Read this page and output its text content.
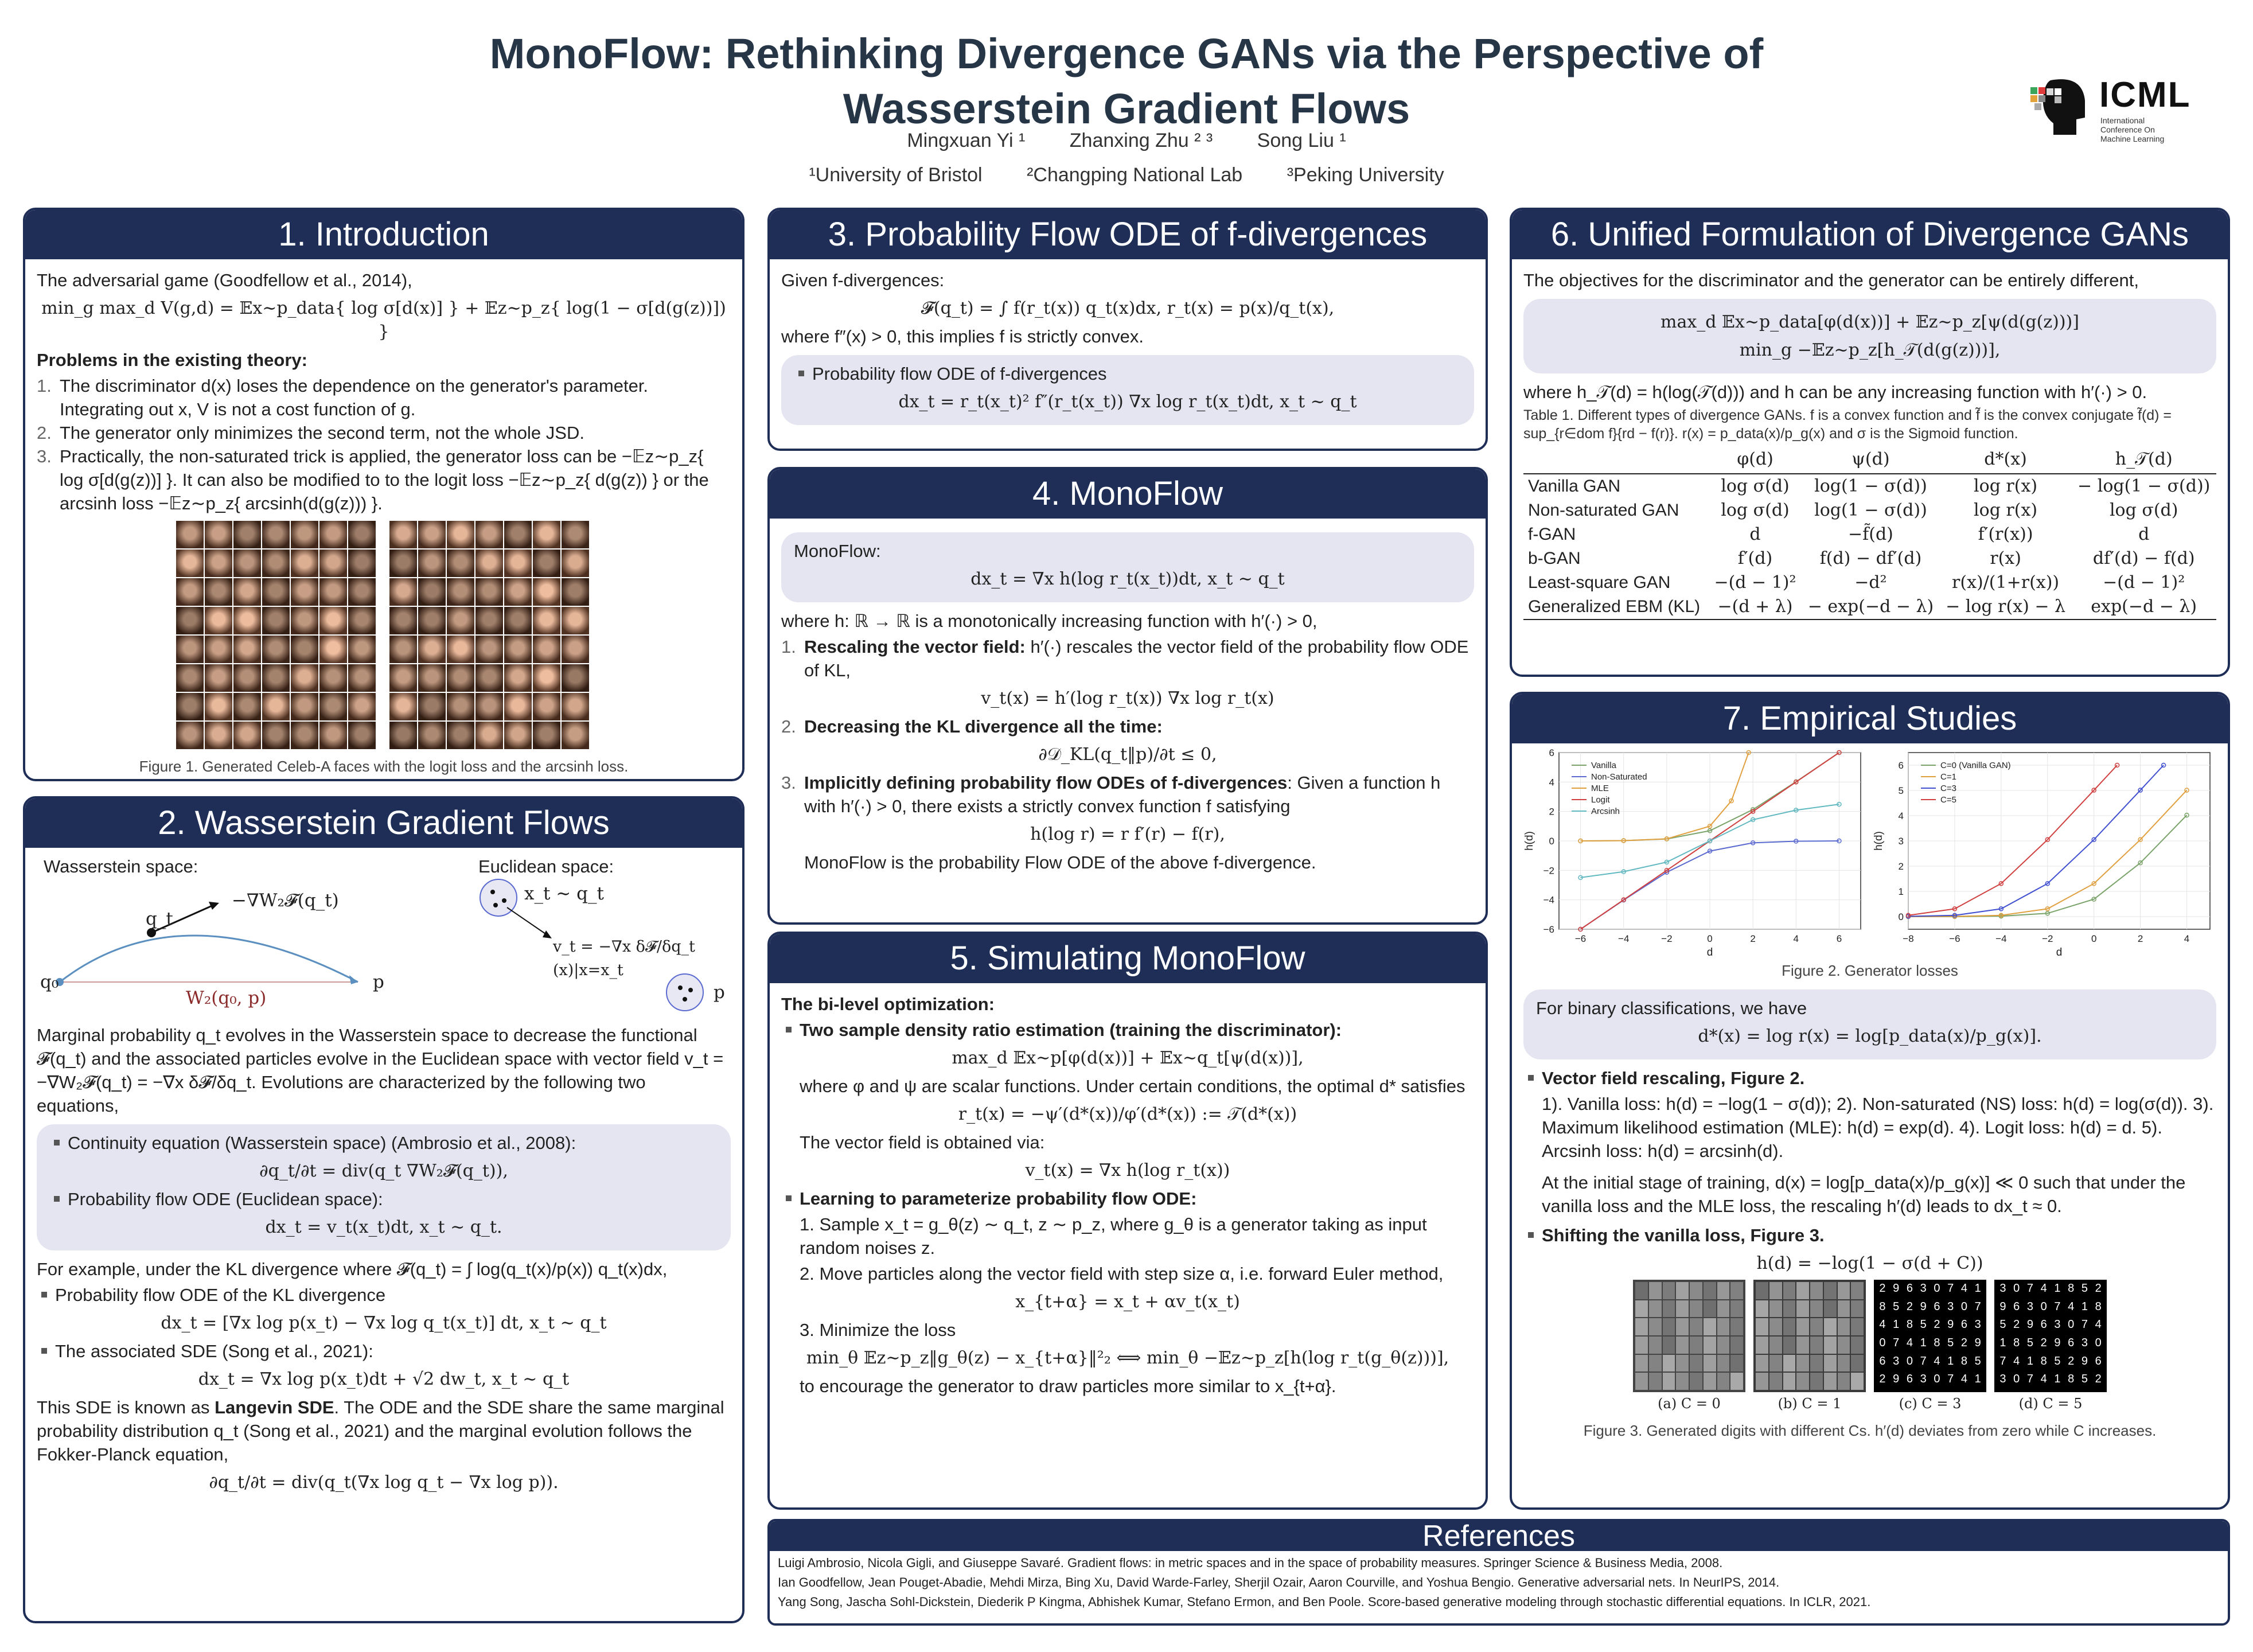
MonoFlow: Rethinking Divergence GANs via the Perspective of
Wasserstein Gradient Flows
Mingxuan Yi ¹ Zhanxing Zhu ² ³ Song Liu ¹
¹University of Bristol ²Changping National Lab ³Peking University
ICML
International Conference On Machine Learning
1. Introduction

The adversarial game (Goodfellow et al., 2014),

min_g max_d V(g,d) = 𝔼x∼p_data{ log σ[d(x)] } + 𝔼z∼p_z{ log(1 − σ[d(g(z))]) }

Problems in the existing theory:

1. The discriminator d(x) loses the dependence on the generator's parameter. Integrating out x, V is not a cost function of g.
2. The generator only minimizes the second term, not the whole JSD.
3. Practically, the non-saturated trick is applied, the generator loss can be −𝔼z∼p_z{ log σ[d(g(z))] }. It can also be modified to to the logit loss −𝔼z∼p_z{ d(g(z)) } or the arcsinh loss −𝔼z∼p_z{ arcsinh(d(g(z))) }.
Figure 1. Generated Celeb-A faces with the logit loss and the arcsinh loss.
2. Wasserstein Gradient Flows
Wasserstein space:	Euclidean space:
−∇W₂𝓕(q_t)
q_t
q₀	p
W₂(q₀, p)
x_t ∼ q_t
v_t = −∇x δ𝓕/δq_t (x)|x=x_t
p

Marginal probability q_t evolves in the Wasserstein space to decrease the functional 𝓕(q_t) and the associated particles evolve in the Euclidean space with vector field v_t = −∇W₂𝓕(q_t) = −∇x δ𝓕/δq_t. Evolutions are characterized by the following two equations,

Continuity equation (Wasserstein space) (Ambrosio et al., 2008):
∂q_t/∂t = div(q_t ∇W₂𝓕(q_t)),
Probability flow ODE (Euclidean space):
dx_t = v_t(x_t)dt, x_t ∼ q_t.

For example, under the KL divergence where 𝓕(q_t) = ∫ log(q_t(x)/p(x)) q_t(x)dx,

Probability flow ODE of the KL divergence
dx_t = [∇x log p(x_t) − ∇x log q_t(x_t)] dt, x_t ∼ q_t
The associated SDE (Song et al., 2021):
dx_t = ∇x log p(x_t)dt + √2 dw_t, x_t ∼ q_t

This SDE is known as Langevin SDE. The ODE and the SDE share the same marginal probability distribution q_t (Song et al., 2021) and the marginal evolution follows the Fokker-Planck equation,

∂q_t/∂t = div(q_t(∇x log q_t − ∇x log p)).
3. Probability Flow ODE of f-divergences

Given f-divergences:

𝓕(q_t) = ∫ f(r_t(x)) q_t(x)dx, r_t(x) = p(x)/q_t(x),

where f″(x) > 0, this implies f is strictly convex.

Probability flow ODE of f-divergences
dx_t = r_t(x_t)² f″(r_t(x_t)) ∇x log r_t(x_t)dt, x_t ∼ q_t
4. MonoFlow
MonoFlow:
dx_t = ∇x h(log r_t(x_t))dt, x_t ∼ q_t

where h: ℝ → ℝ is a monotonically increasing function with h′(·) > 0,

1. Rescaling the vector field: h′(·) rescales the vector field of the probability flow ODE of KL,
v_t(x) = h′(log r_t(x)) ∇x log r_t(x)
2. Decreasing the KL divergence all the time:
∂𝒟_KL(q_t‖p)/∂t ≤ 0,
3. Implicitly defining probability flow ODEs of f-divergences: Given a function h with h′(·) > 0, there exists a strictly convex function f satisfying
h(log r) = r f′(r) − f(r),

MonoFlow is the probability Flow ODE of the above f-divergence.

5. Simulating MonoFlow

The bi-level optimization:

Two sample density ratio estimation (training the discriminator):
max_d 𝔼x∼p[φ(d(x))] + 𝔼x∼q_t[ψ(d(x))],

where φ and ψ are scalar functions. Under certain conditions, the optimal d* satisfies

r_t(x) = −ψ′(d*(x))/φ′(d*(x)) := 𝒯(d*(x))

The vector field is obtained via:

v_t(x) = ∇x h(log r_t(x))
Learning to parameterize probability flow ODE:

1. Sample x_t = g_θ(z) ∼ q_t, z ∼ p_z, where g_θ is a generator taking as input random noises z.

2. Move particles along the vector field with step size α, i.e. forward Euler method,

x_{t+α} = x_t + αv_t(x_t)

3. Minimize the loss

min_θ 𝔼z∼p_z‖g_θ(z) − x_{t+α}‖²₂ ⟺ min_θ −𝔼z∼p_z[h(log r_t(g_θ(z)))],

to encourage the generator to draw particles more similar to x_{t+α}.

6. Unified Formulation of Divergence GANs

The objectives for the discriminator and the generator can be entirely different,

max_d 𝔼x∼p_data[φ(d(x))] + 𝔼z∼p_z[ψ(d(g(z)))]
min_g −𝔼z∼p_z[h_𝒯(d(g(z)))],

where h_𝒯(d) = h(log(𝒯(d))) and h can be any increasing function with h′(·) > 0.

Table 1. Different types of divergence GANs. f is a convex function and f̃ is the convex conjugate f̃(d) = sup_{r∈dom f}{rd − f(r)}. r(x) = p_data(x)/p_g(x) and σ is the Sigmoid function.

	φ(d)	ψ(d)	d*(x)	h_𝒯(d)
Vanilla GAN	log σ(d)	log(1 − σ(d))	log r(x)	− log(1 − σ(d))
Non-saturated GAN	log σ(d)	log(1 − σ(d))	log r(x)	log σ(d)
f-GAN	d	−f̃(d)	f′(r(x))	d
b-GAN	f′(d)	f(d) − df′(d)	r(x)	df′(d) − f(d)
Least-square GAN	−(d − 1)²	−d²	r(x)/(1+r(x))	−(d − 1)²
Generalized EBM (KL)	−(d + λ)	− exp(−d − λ)	− log r(x) − λ	exp(−d − λ)
7. Empirical Studies
−6	−4	−2	0	2	4	6
−6
−4
−2
0
2
4
6
d
h(d)
Vanilla
Non-Saturated
MLE
Logit
Arcsinh
−8	−6	−4	−2	0	2	4
0
1
2
3
4
5
6
d
h(d)
C=0 (Vanilla GAN)
C=1
C=3
C=5
Figure 2. Generator losses
For binary classifications, we have
d*(x) = log r(x) = log[p_data(x)/p_g(x)].
Vector field rescaling, Figure 2.

1). Vanilla loss: h(d) = −log(1 − σ(d)); 2). Non-saturated (NS) loss: h(d) = log(σ(d)). 3). Maximum likelihood estimation (MLE): h(d) = exp(d). 4). Logit loss: h(d) = d. 5). Arcsinh loss: h(d) = arcsinh(d).

At the initial stage of training, d(x) = log[p_data(x)/p_g(x)] ≪ 0 such that under the vanilla loss and the MLE loss, the rescaling h′(d) leads to dx_t ≈ 0.

Shifting the vanilla loss, Figure 3.
h(d) = −log(1 − σ(d + C))
2 9 6 3 0 7 4 1
8 5 2 9 6 3 0 7
4 1 8 5 2 9 6 3
0 7 4 1 8 5 2 9
6 3 0 7 4 1 8 5
2 9 6 3 0 7 4 1
3 0 7 4 1 8 5 2
9 6 3 0 7 4 1 8
5 2 9 6 3 0 7 4
1 8 5 2 9 6 3 0
7 4 1 8 5 2 9 6
3 0 7 4 1 8 5 2
(a) C = 0	(b) C = 1	(c) C = 3	(d) C = 5
Figure 3. Generated digits with different Cs. h′(d) deviates from zero while C increases.
References
Luigi Ambrosio, Nicola Gigli, and Giuseppe Savaré. Gradient flows: in metric spaces and in the space of probability measures. Springer Science & Business Media, 2008.
Ian Goodfellow, Jean Pouget-Abadie, Mehdi Mirza, Bing Xu, David Warde-Farley, Sherjil Ozair, Aaron Courville, and Yoshua Bengio. Generative adversarial nets. In NeurIPS, 2014.
Yang Song, Jascha Sohl-Dickstein, Diederik P Kingma, Abhishek Kumar, Stefano Ermon, and Ben Poole. Score-based generative modeling through stochastic differential equations. In ICLR, 2021.
